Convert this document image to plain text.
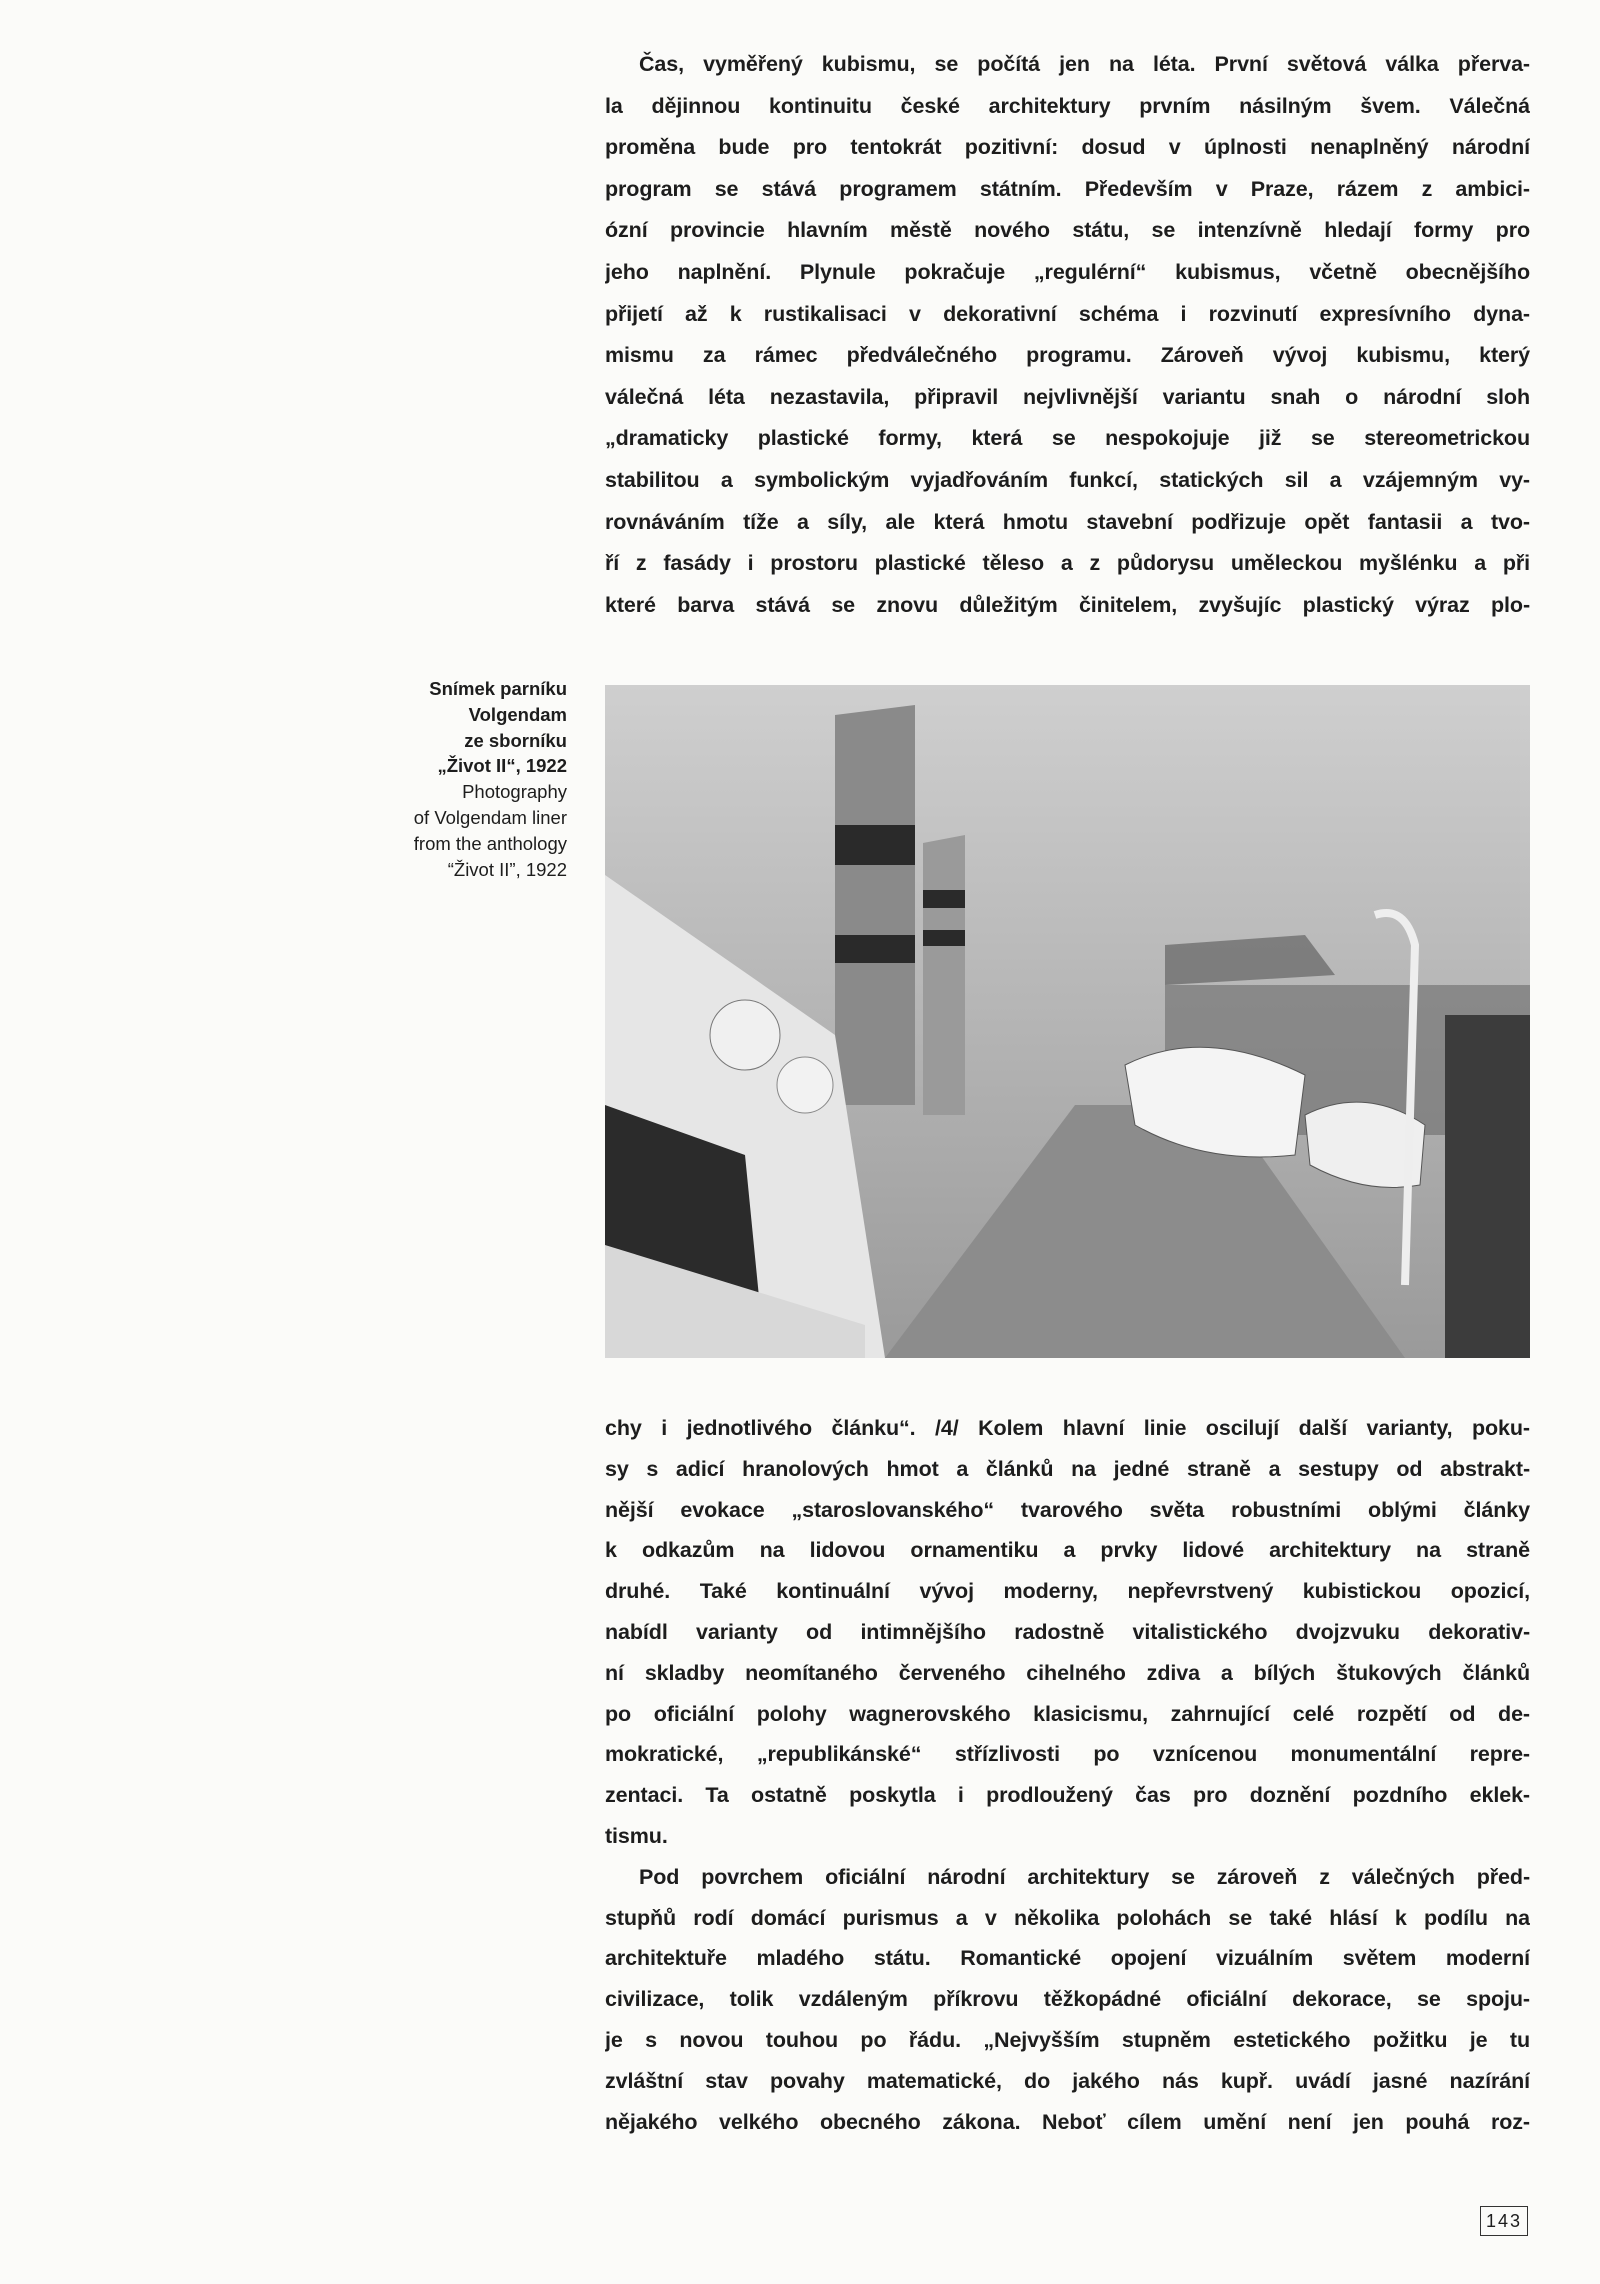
Čas, vyměřený kubismu, se počítá jen na léta. První světová válka přerva-
la dějinnou kontinuitu české architektury prvním násilným švem. Válečná
proměna bude pro tentokrát pozitivní: dosud v úplnosti nenaplněný národní
program se stává programem státním. Především v Praze, rázem z ambici-
ózní provincie hlavním městě nového státu, se intenzívně hledají formy pro
jeho naplnění. Plynule pokračuje „regulérní“ kubismus, včetně obecnějšího
přijetí až k rustikalisaci v dekorativní schéma i rozvinutí expresívního dyna-
mismu za rámec předválečného programu. Zároveň vývoj kubismu, který
válečná léta nezastavila, připravil nejvlivnější variantu snah o národní sloh
„dramaticky plastické formy, která se nespokojuje již se stereometrickou
stabilitou a symbolickým vyjadřováním funkcí, statických sil a vzájemným vy-
rovnáváním tíže a síly, ale která hmotu stavební podřizuje opět fantasii a tvo-
ří z fasády i prostoru plastické těleso a z půdorysu uměleckou myšlénku a při
které barva stává se znovu důležitým činitelem, zvyšujíc plastický výraz plo-
Snímek parníku
Volgendam
ze sborníku
„Život II“, 1922
Photography
of Volgendam liner
from the anthology
“Život II”, 1922
chy i jednotlivého článku“. /4/ Kolem hlavní linie oscilují další varianty, poku-
sy s adicí hranolových hmot a článků na jedné straně a sestupy od abstrakt-
nější evokace „staroslovanského“ tvarového světa robustními oblými články
k odkazům na lidovou ornamentiku a prvky lidové architektury na straně
druhé. Také kontinuální vývoj moderny, nepřevrstvený kubistickou opozicí,
nabídl varianty od intimnějšího radostně vitalistického dvojzvuku dekorativ-
ní skladby neomítaného červeného cihelného zdiva a bílých štukových článků
po oficiální polohy wagnerovského klasicismu, zahrnující celé rozpětí od de-
mokratické, „republikánské“ střízlivosti po vznícenou monumentální repre-
zentaci. Ta ostatně poskytla i prodloužený čas pro doznění pozdního eklek-
tismu.
Pod povrchem oficiální národní architektury se zároveň z válečných před-
stupňů rodí domácí purismus a v několika polohách se také hlásí k podílu na
architektuře mladého státu. Romantické opojení vizuálním světem moderní
civilizace, tolik vzdáleným příkrovu těžkopádné oficiální dekorace, se spoju-
je s novou touhou po řádu. „Nejvyšším stupněm estetického požitku je tu
zvláštní stav povahy matematické, do jakého nás kupř. uvádí jasné nazírání
nějakého velkého obecného zákona. Neboť cílem umění není jen pouhá roz-
143
